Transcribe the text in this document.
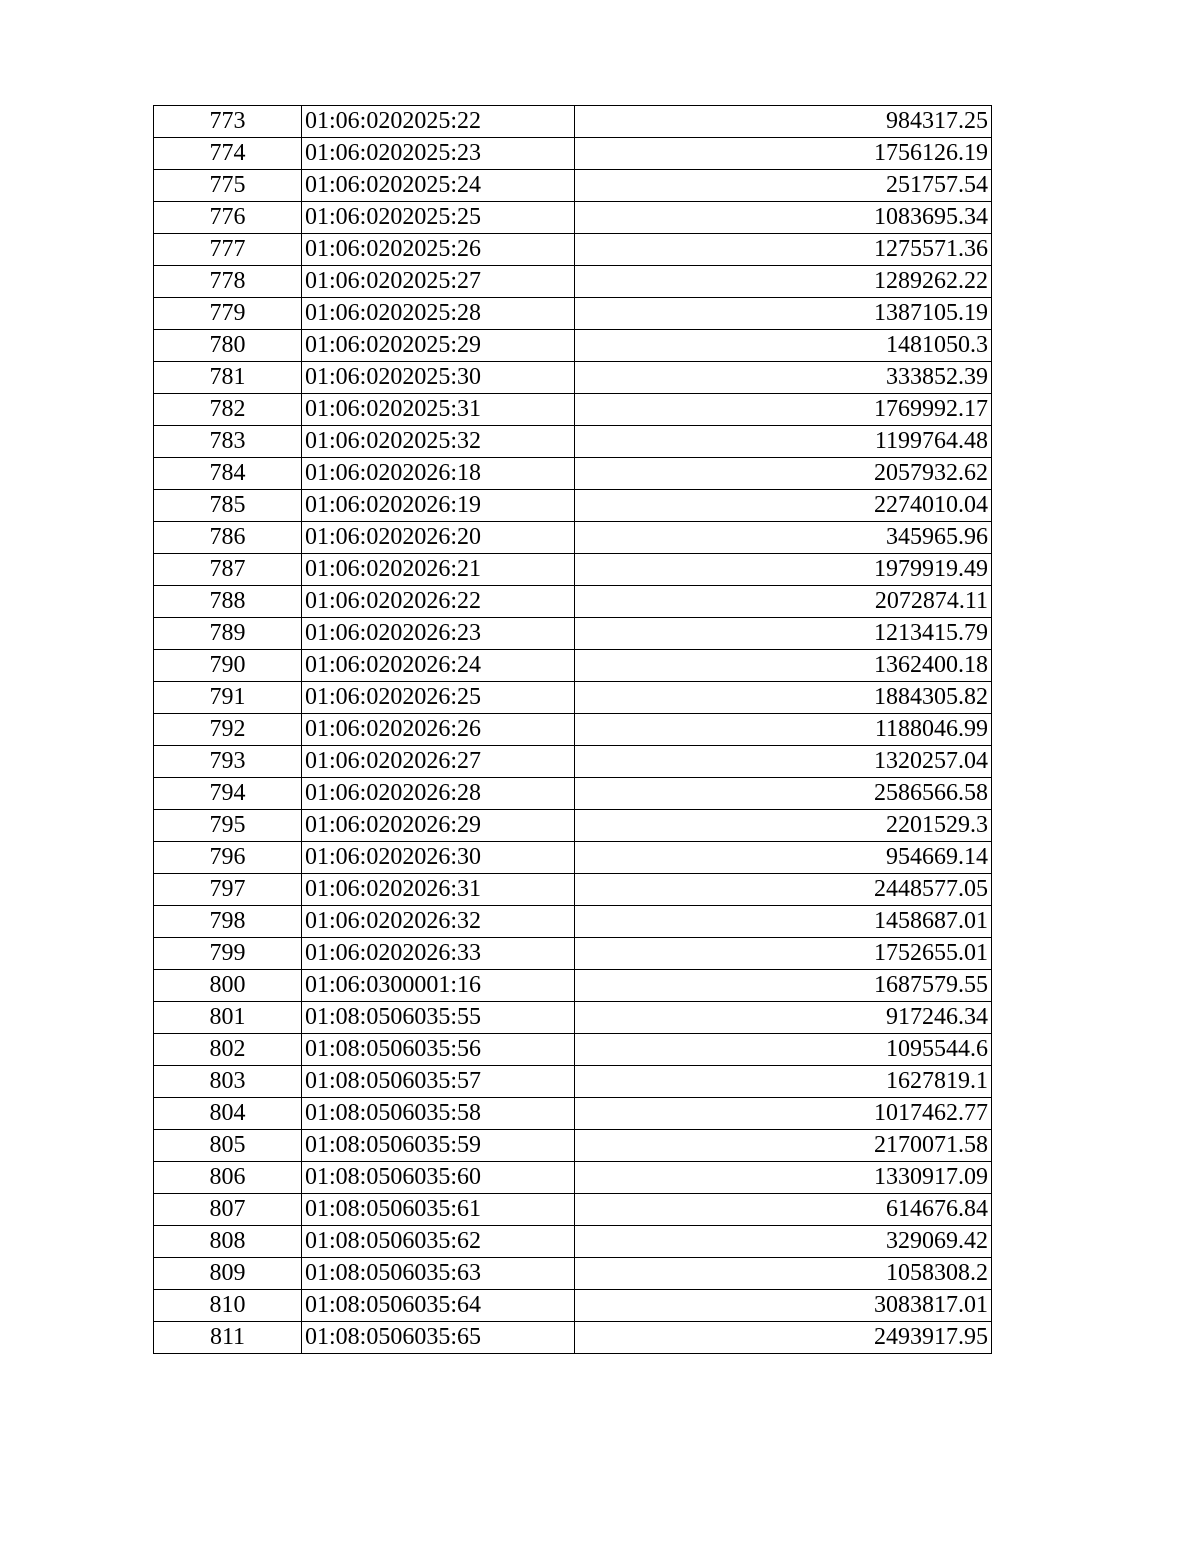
773	01:06:0202025:22	984317.25
774	01:06:0202025:23	1756126.19
775	01:06:0202025:24	251757.54
776	01:06:0202025:25	1083695.34
777	01:06:0202025:26	1275571.36
778	01:06:0202025:27	1289262.22
779	01:06:0202025:28	1387105.19
780	01:06:0202025:29	1481050.3
781	01:06:0202025:30	333852.39
782	01:06:0202025:31	1769992.17
783	01:06:0202025:32	1199764.48
784	01:06:0202026:18	2057932.62
785	01:06:0202026:19	2274010.04
786	01:06:0202026:20	345965.96
787	01:06:0202026:21	1979919.49
788	01:06:0202026:22	2072874.11
789	01:06:0202026:23	1213415.79
790	01:06:0202026:24	1362400.18
791	01:06:0202026:25	1884305.82
792	01:06:0202026:26	1188046.99
793	01:06:0202026:27	1320257.04
794	01:06:0202026:28	2586566.58
795	01:06:0202026:29	2201529.3
796	01:06:0202026:30	954669.14
797	01:06:0202026:31	2448577.05
798	01:06:0202026:32	1458687.01
799	01:06:0202026:33	1752655.01
800	01:06:0300001:16	1687579.55
801	01:08:0506035:55	917246.34
802	01:08:0506035:56	1095544.6
803	01:08:0506035:57	1627819.1
804	01:08:0506035:58	1017462.77
805	01:08:0506035:59	2170071.58
806	01:08:0506035:60	1330917.09
807	01:08:0506035:61	614676.84
808	01:08:0506035:62	329069.42
809	01:08:0506035:63	1058308.2
810	01:08:0506035:64	3083817.01
811	01:08:0506035:65	2493917.95
